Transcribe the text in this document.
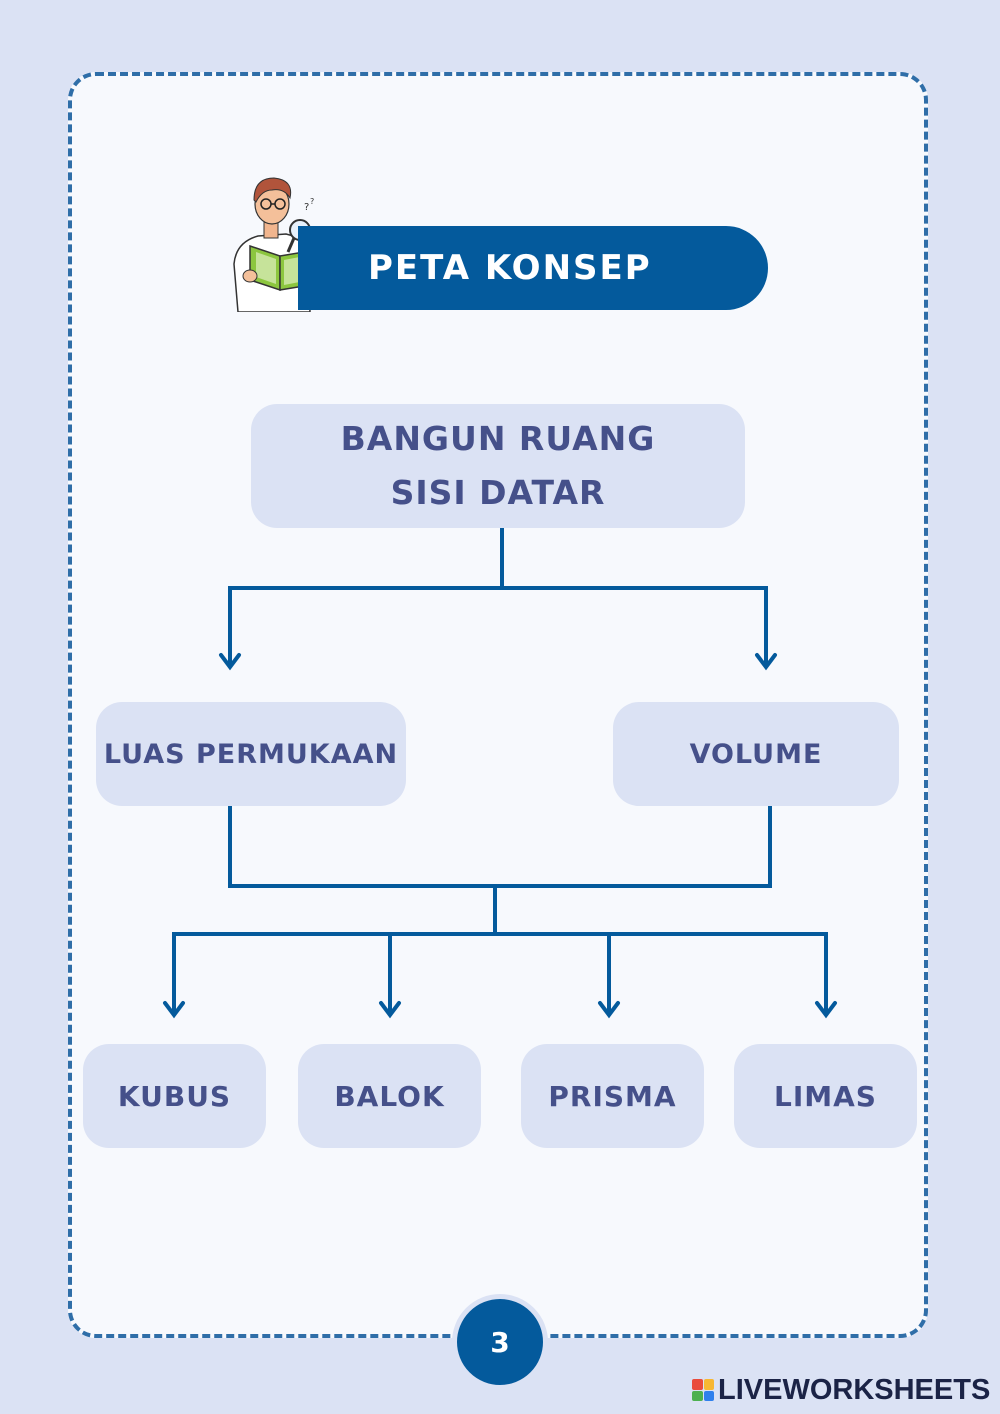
?
?
PETA KONSEP
BANGUN RUANG SISI DATAR
LUAS PERMUKAAN	VOLUME
KUBUS	BALOK	PRISMA	LIMAS
3
LIVEWORKSHEETS
